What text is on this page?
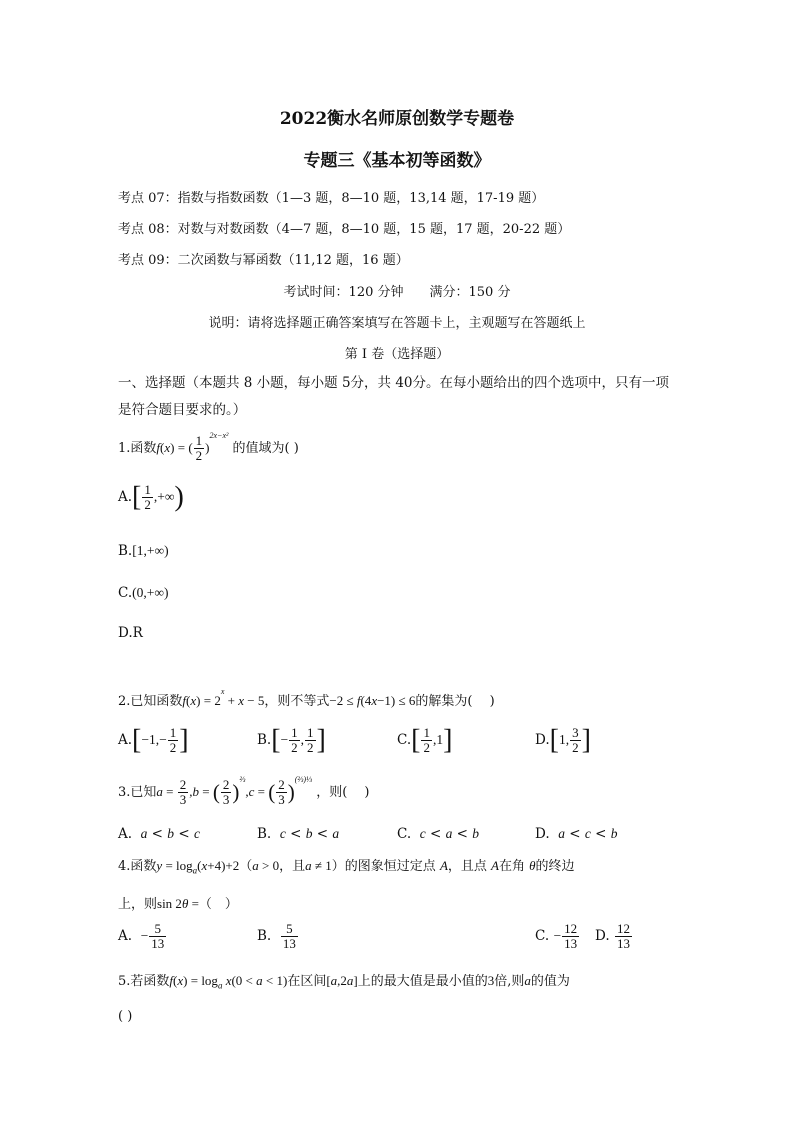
2022衡水名师原创数学专题卷
专题三《基本初等函数》
考点 07：指数与指数函数（1—3 题，8—10 题，13,14 题，17-19 题）
考点 08：对数与对数函数（4—7 题，8—10 题，15 题，17 题，20-22 题）
考点 09：二次函数与幂函数（11,12 题，16 题）
考试时间：120 分钟　　满分：150 分
说明：请将选择题正确答案填写在答题卡上，主观题写在答题纸上
第 I 卷（选择题）
一、选择题（本题共 8 小题，每小题 5分，共 40分。在每小题给出的四个选项中，只有一项是符合题目要求的。）
1.函数f(x) = ( $\frac{1}{2} )^{2x-x^2}$ 的值域为( )
$A.[ \frac{1}{2}$ ,+∞)
B.[1,+∞)
C.(0,+∞)
D.R
2.已知函数$f(x) = 2^x + x - 5$，则不等式−2 ≤ f(4x−1) ≤ 6的解集为(　 )
$A.[-1,- \frac{1}{2}$ ]	$B.[- \frac{1}{2}$ , $\frac{1}{2}$ ]	$C.[ \frac{1}{2} ,1]$	D.[1, $\frac{3}{2}$ ]
3.已知$a = \frac{2}{3} ,b$ = ( $\frac{2}{3} )^{\frac{2}{3}},c$ = ( $\frac{2}{3} )^{(\frac{2}{3})\frac{1}{3}}$ ，则(　 )
A. a < b < c	B. c < b < a	C. c < a < b	D. a < c < b
4.函数$y = \log_a(x+4)+2(a > 0$，且a ≠ 1）的图象恒过定点 A，且点 A在角 θ的终边
上，则sin 2θ =（　）
A. − $\frac{5}{13}$	B. $\frac{5}{13}$	C. − $\frac{12}{13} D$. $\frac{12}{13}$
5.若函数$f(x) = \log_a x(0 < a < 1)$在区间[a,2a]上的最大值是最小值的3倍,则a的值为
( )
